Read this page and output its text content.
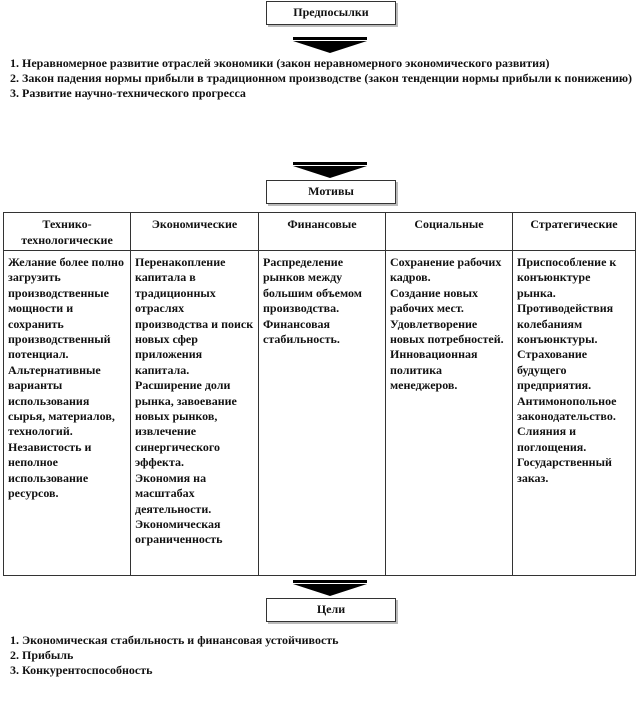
Предпосылки
1. Неравномерное развитие отраслей экономики (закон неравномерного экономического развития)
2. Закон падения нормы прибыли в традиционном производстве (закон тенденции нормы прибыли к понижению)
3. Развитие научно-технического прогресса
Мотивы
Технико-технологические
Желание более полно загрузить производственные мощности и сохранить производственный потенциал.
Альтернативные варианты использования сырья, материалов, технологий.
Независтость и неполное использование ресурсов.
Экономические
Перенакопление капитала в традиционных отраслях производства и поиск новых сфер приложения капитала.
Расширение доли рынка, завоевание новых рынков, извлечение синергического эффекта.
Экономия на масштабах деятельности.
Экономическая ограниченность
Финансовые
Распределение рынков между большим объемом производства.
Финансовая стабильность.
Социальные
Сохранение рабочих кадров.
Создание новых рабочих мест.
Удовлетворение новых потребностей.
Инновационная политика менеджеров.
Стратегические
Приспособление к конъюнктуре рынка.
Противодействия колебаниям конъюнктуры.
Страхование будущего предприятия.
Антимонопольное законодательство.
Слияния и поглощения.
Государственный заказ.
Цели
1. Экономическая стабильность и финансовая устойчивость
2. Прибыль
3. Конкурентоспособность
